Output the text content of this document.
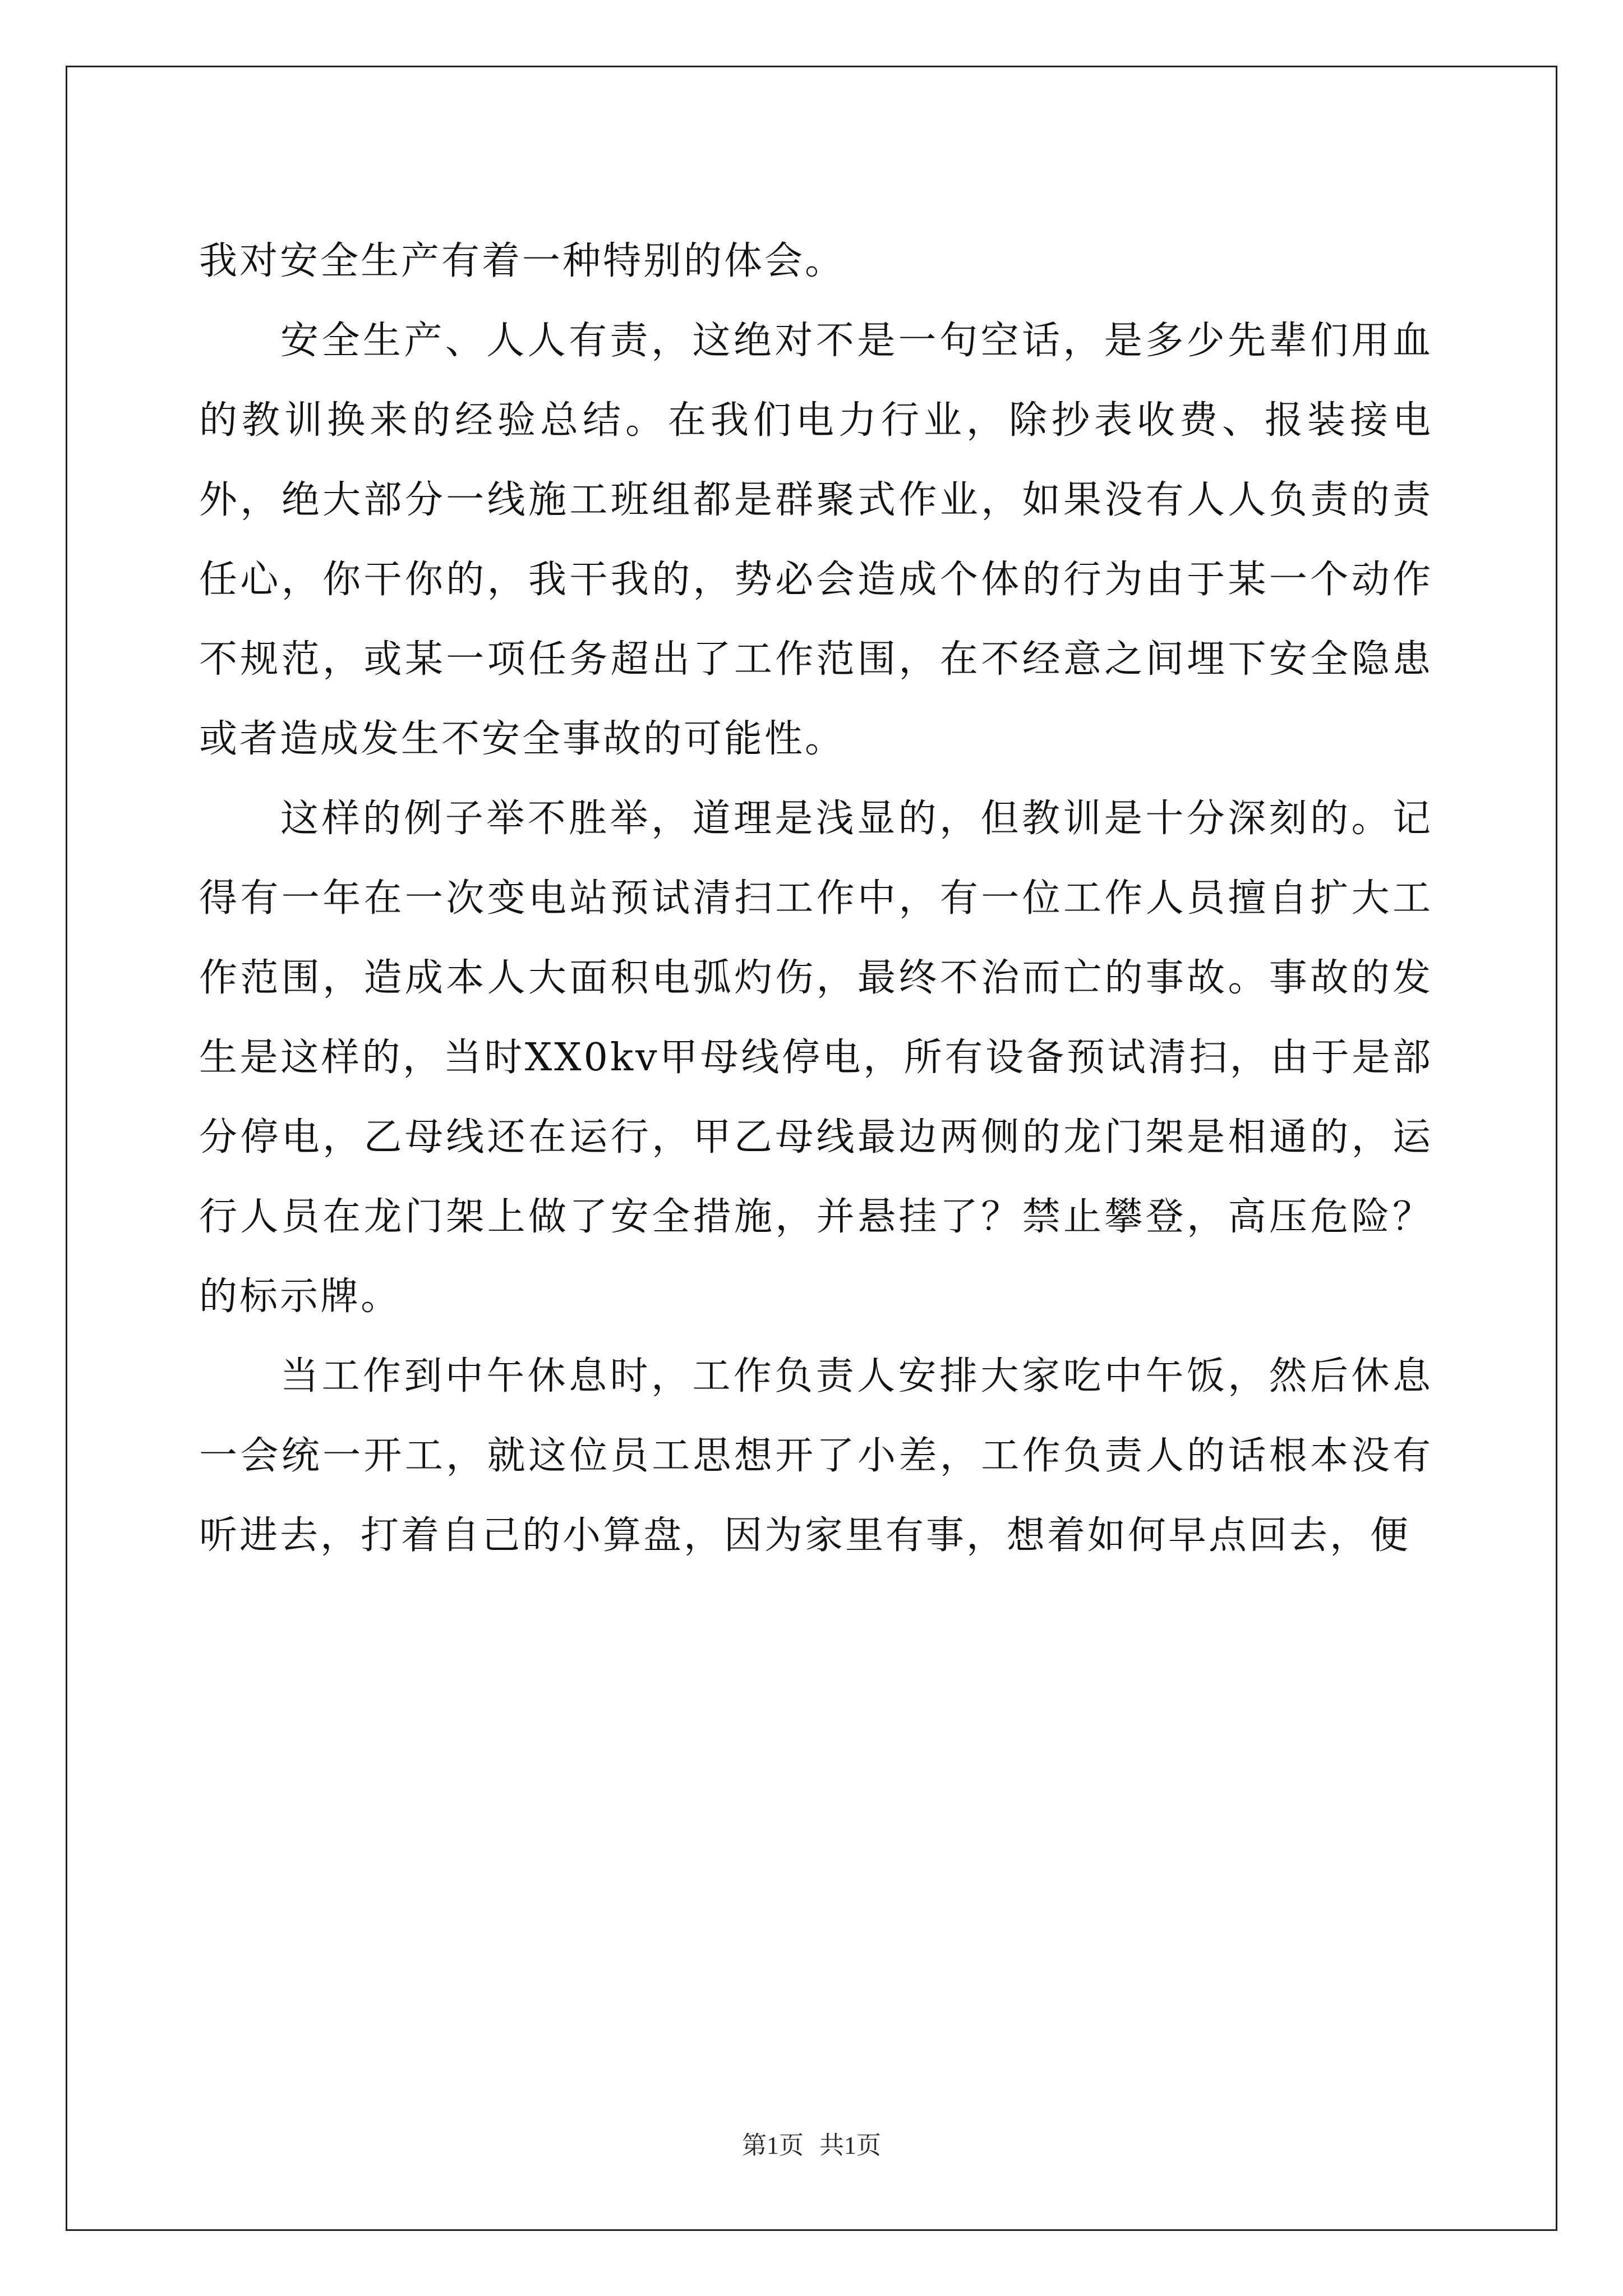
我对安全生产有着一种特别的体会。

安全生产、人人有责，这绝对不是一句空话，是多少先辈们用血的教训换来的经验总结。在我们电力行业，除抄表收费、报装接电外，绝大部分一线施工班组都是群聚式作业，如果没有人人负责的责任心，你干你的，我干我的，势必会造成个体的行为由于某一个动作不规范，或某一项任务超出了工作范围，在不经意之间埋下安全隐患或者造成发生不安全事故的可能性。

这样的例子举不胜举，道理是浅显的，但教训是十分深刻的。记得有一年在一次变电站预试清扫工作中，有一位工作人员擅自扩大工作范围，造成本人大面积电弧灼伤，最终不治而亡的事故。事故的发生是这样的，当时XX0kv甲母线停电，所有设备预试清扫，由于是部分停电，乙母线还在运行，甲乙母线最边两侧的龙门架是相通的，运行人员在龙门架上做了安全措施，并悬挂了？禁止攀登，高压危险？的标示牌。

当工作到中午休息时，工作负责人安排大家吃中午饭，然后休息一会统一开工，就这位员工思想开了小差，工作负责人的话根本没有听进去，打着自己的小算盘，因为家里有事，想着如何早点回去，便

第1页 共1页
